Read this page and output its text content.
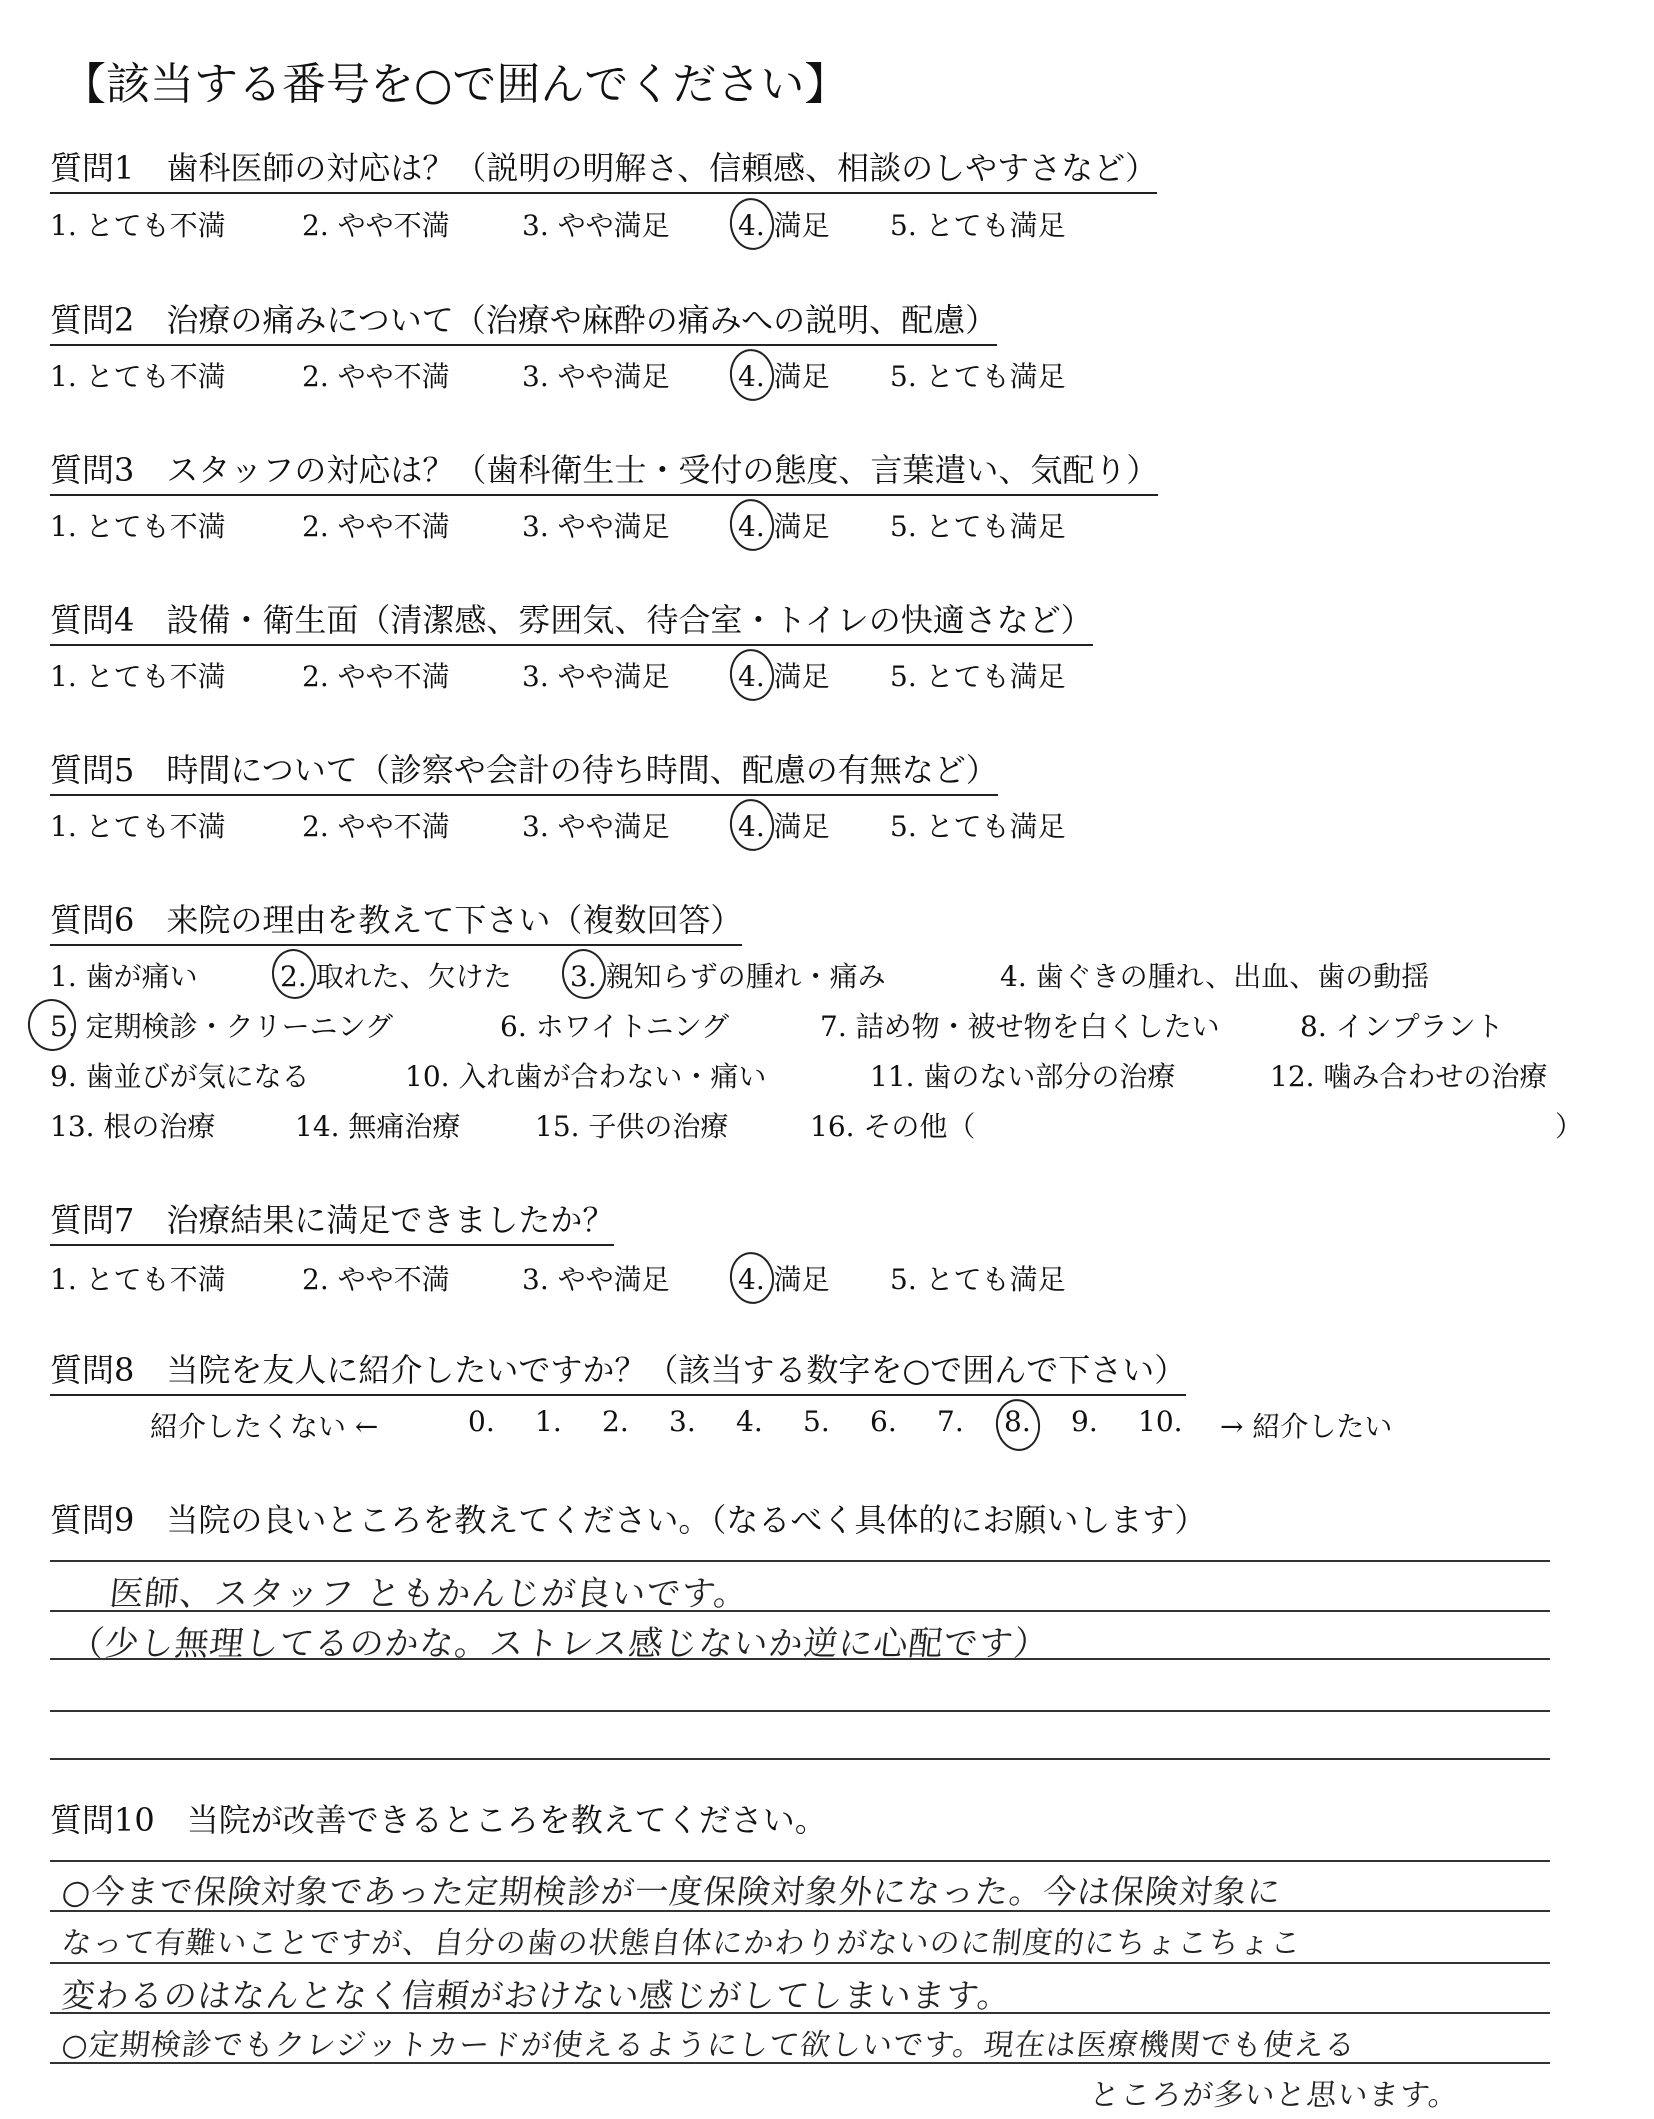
【該当する番号を○で囲んでください】
質問1　歯科医師の対応は？（説明の明解さ、信頼感、相談のしやすさなど）
1. とても不満	2. やや不満	3. やや満足 4. 満足 5. とても満足
質問2　治療の痛みについて（治療や麻酔の痛みへの説明、配慮）
1. とても不満	2. やや不満	3. やや満足 4. 満足 5. とても満足
質問3　スタッフの対応は？（歯科衛生士・受付の態度、言葉遣い、気配り）
1. とても不満	2. やや不満	3. やや満足 4. 満足 5. とても満足
質問4　設備・衛生面（清潔感、雰囲気、待合室・トイレの快適さなど）
1. とても不満	2. やや不満	3. やや満足 4. 満足 5. とても満足
質問5　時間について（診察や会計の待ち時間、配慮の有無など）
1. とても不満	2. やや不満	3. やや満足 4. 満足 5. とても満足
質問6　来院の理由を教えて下さい（複数回答）
1. 歯が痛い	2. 取れた、欠けた 3. 親知らずの腫れ・痛み	4. 歯ぐきの腫れ、出血、歯の動揺
5. 定期検診・クリーニング	6. ホワイトニング	7. 詰め物・被せ物を白くしたい	8. インプラント
9. 歯並びが気になる	10. 入れ歯が合わない・痛い	11. 歯のない部分の治療	12. 噛み合わせの治療
13. 根の治療	14. 無痛治療	15. 子供の治療	16. その他（	）
質問7　治療結果に満足できましたか？
1. とても不満	2. やや不満	3. やや満足 4. 満足 5. とても満足
質問8　当院を友人に紹介したいですか？（該当する数字を○で囲んで下さい）
紹介したくない ←	0. 1. 2. 3. 4. 5. 6. 7. 8. 9. 10. → 紹介したい
質問9　当院の良いところを教えてください。（なるべく具体的にお願いします）
医師、スタッフ ともかんじが良いです。
（少し無理してるのかな。ストレス感じないか逆に心配です）
質問10　当院が改善できるところを教えてください。
○今まで保険対象であった定期検診が一度保険対象外になった。今は保険対象に
なって有難いことですが、自分の歯の状態自体にかわりがないのに制度的にちょこちょこ
変わるのはなんとなく信頼がおけない感じがしてしまいます。
○定期検診でもクレジットカードが使えるようにして欲しいです。現在は医療機関でも使える
ところが多いと思います。
